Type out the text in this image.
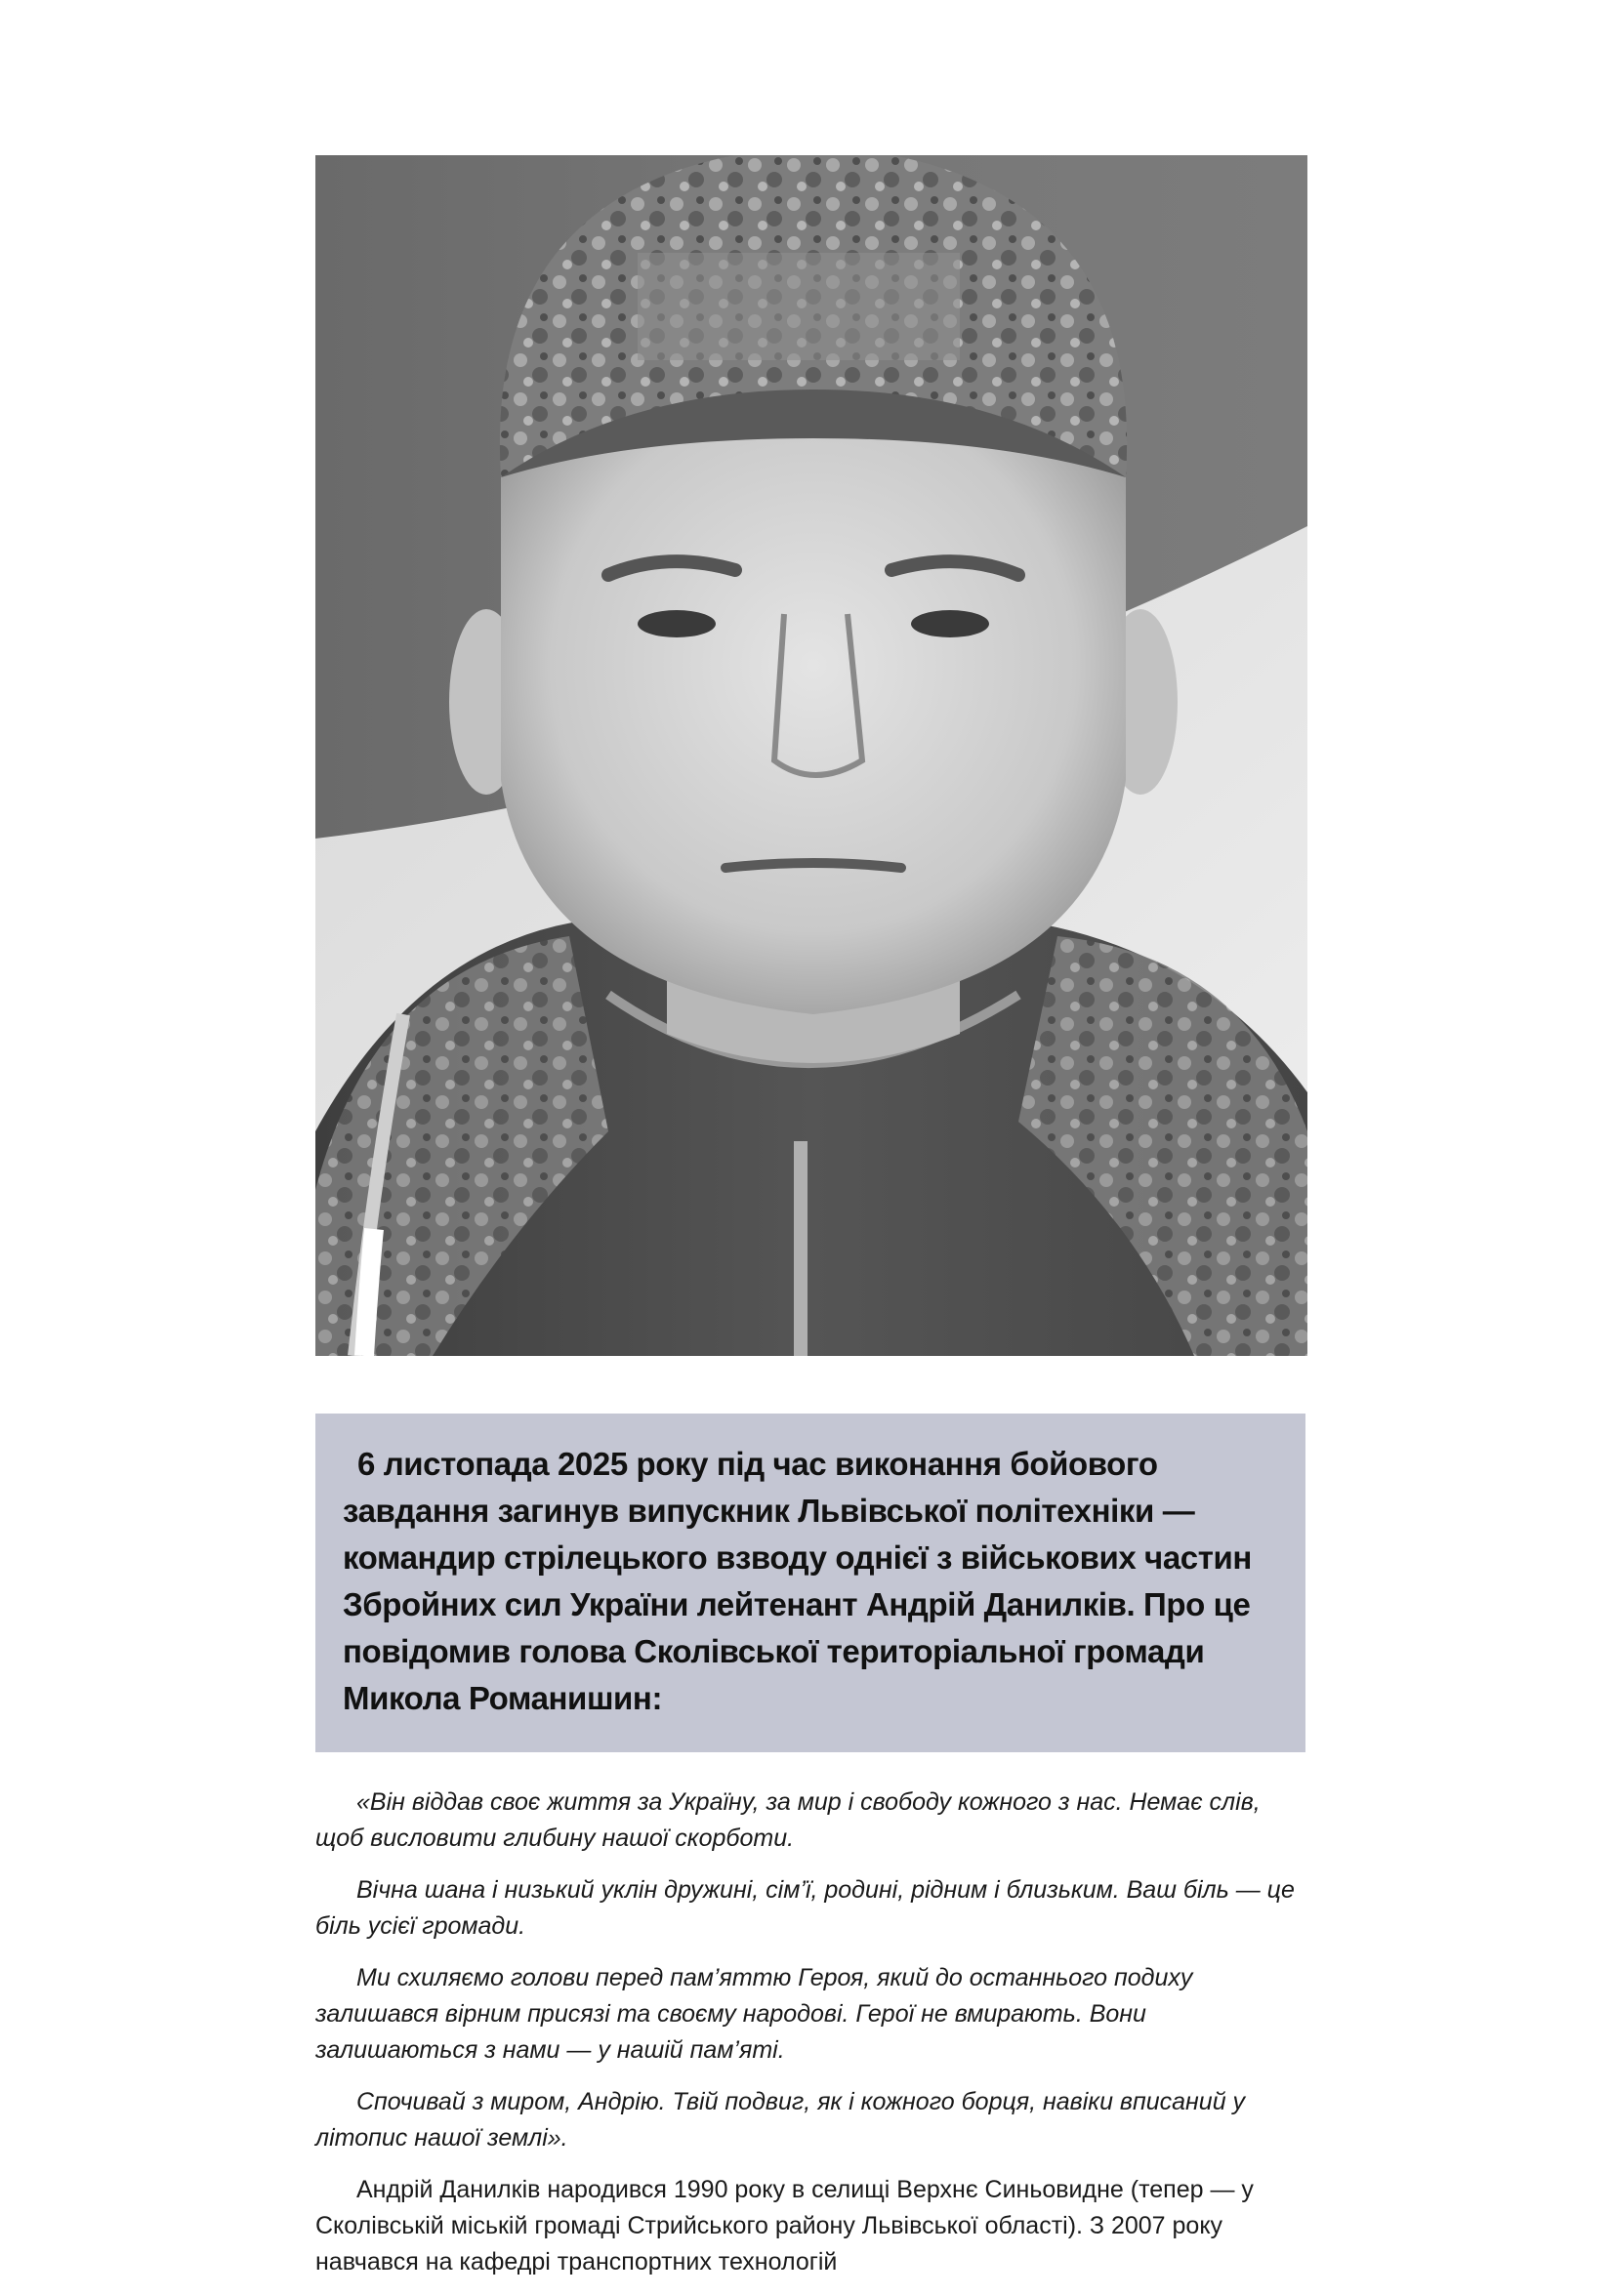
6 листопада 2025 року під час виконання бойового завдання загинув випускник Львівської політехніки — командир стрілецького взводу однієї з військових частин Збройних сил України лейтенант Андрій Данилків. Про це повідомив голова Сколівської територіальної громади Микола Романишин:

«Він віддав своє життя за Україну, за мир і свободу кожного з нас. Немає слів, щоб висловити глибину нашої скорботи.

Вічна шана і низький уклін дружині, сім’ї, родині, рідним і близьким. Ваш біль — це біль усієї громади.

Ми схиляємо голови перед пам’яттю Героя, який до останнього подиху залишався вірним присязі та своєму народові. Герої не вмирають. Вони залишаються з нами — у нашій пам’яті.

Спочивай з миром, Андрію. Твій подвиг, як і кожного борця, навіки вписаний у літопис нашої землі».

Андрій Данилків народився 1990 року в селищі Верхнє Синьовидне (тепер — у Сколівській міській громаді Стрийського району Львівської області). З 2007 року навчався на кафедрі транспортних технологій
